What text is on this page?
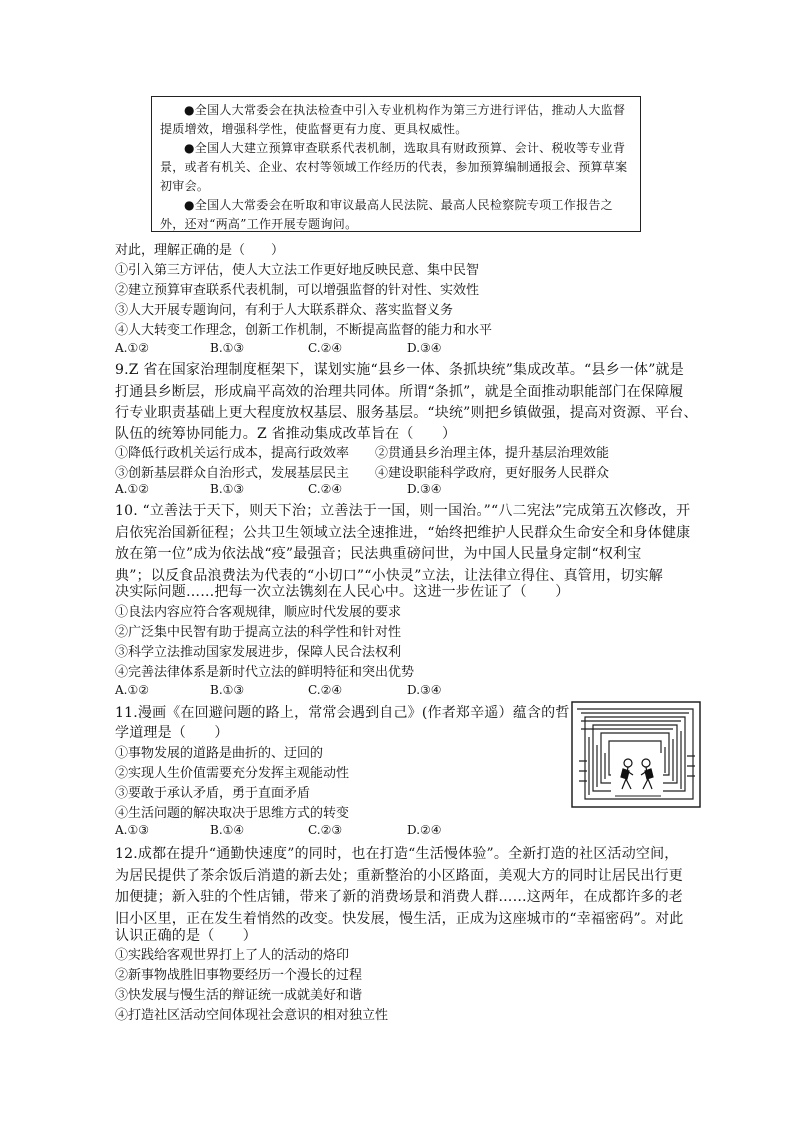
●全国人大常委会在执法检查中引入专业机构作为第三方进行评估，推动人大监督提质增效，增强科学性，使监督更有力度、更具权威性。

●全国人大建立预算审查联系代表机制，选取具有财政预算、会计、税收等专业背景，或者有机关、企业、农村等领域工作经历的代表，参加预算编制通报会、预算草案初审会。

●全国人大常委会在听取和审议最高人民法院、最高人民检察院专项工作报告之外，还对“两高”工作开展专题询问。

对此，理解正确的是（　　）
①引入第三方评估，使人大立法工作更好地反映民意、集中民智
②建立预算审查联系代表机制，可以增强监督的针对性、实效性
③人大开展专题询问，有利于人大联系群众、落实监督义务
④人大转变工作理念，创新工作机制，不断提高监督的能力和水平
A.①②	B.①③	C.②④	D.③④
9.Z 省在国家治理制度框架下，谋划实施“县乡一体、条抓块统”集成改革。“县乡一体”就是
打通县乡断层，形成扁平高效的治理共同体。所谓“条抓”，就是全面推动职能部门在保障履
行专业职责基础上更大程度放权基层、服务基层。“块统”则把乡镇做强，提高对资源、平台、
队伍的统筹协同能力。Z 省推动集成改革旨在（　　）
①降低行政机关运行成本，提高行政效率　　②贯通县乡治理主体，提升基层治理效能
③创新基层群众自治形式，发展基层民主　　④建设职能科学政府，更好服务人民群众
A.①②	B.①③	C.②④	D.③④
10. “立善法于天下，则天下治；立善法于一国，则一国治。”“八二宪法”完成第五次修改，开
启依宪治国新征程；公共卫生领域立法全速推进，“始终把维护人民群众生命安全和身体健康
放在第一位”成为依法战“疫”最强音；民法典重磅问世，为中国人民量身定制“权利宝
典”；以反食品浪费法为代表的“小切口”“小快灵”立法，让法律立得住、真管用，切实解
决实际问题……把每一次立法镌刻在人民心中。这进一步佐证了（　　）
①良法内容应符合客观规律，顺应时代发展的要求
②广泛集中民智有助于提高立法的科学性和针对性
③科学立法推动国家发展进步，保障人民合法权利
④完善法律体系是新时代立法的鲜明特征和突出优势
A.①②	B.①③	C.②④	D.③④
11.漫画《在回避问题的路上，常常会遇到自己》(作者郑辛遥）蕴含的哲
学道理是（　　）
①事物发展的道路是曲折的、迂回的
②实现人生价值需要充分发挥主观能动性
③要敢于承认矛盾，勇于直面矛盾
④生活问题的解决取决于思维方式的转变
A.①③	B.①④	C.②③	D.②④
12.成都在提升“通勤快速度”的同时，也在打造“生活慢体验”。全新打造的社区活动空间，
为居民提供了茶余饭后消遣的新去处；重新整治的小区路面，美观大方的同时让居民出行更
加便捷；新入驻的个性店铺，带来了新的消费场景和消费人群……这两年，在成都许多的老
旧小区里，正在发生着悄然的改变。快发展，慢生活，正成为这座城市的“幸福密码”。对此
认识正确的是（　　）
①实践给客观世界打上了人的活动的烙印
②新事物战胜旧事物要经历一个漫长的过程
③快发展与慢生活的辩证统一成就美好和谐
④打造社区活动空间体现社会意识的相对独立性
